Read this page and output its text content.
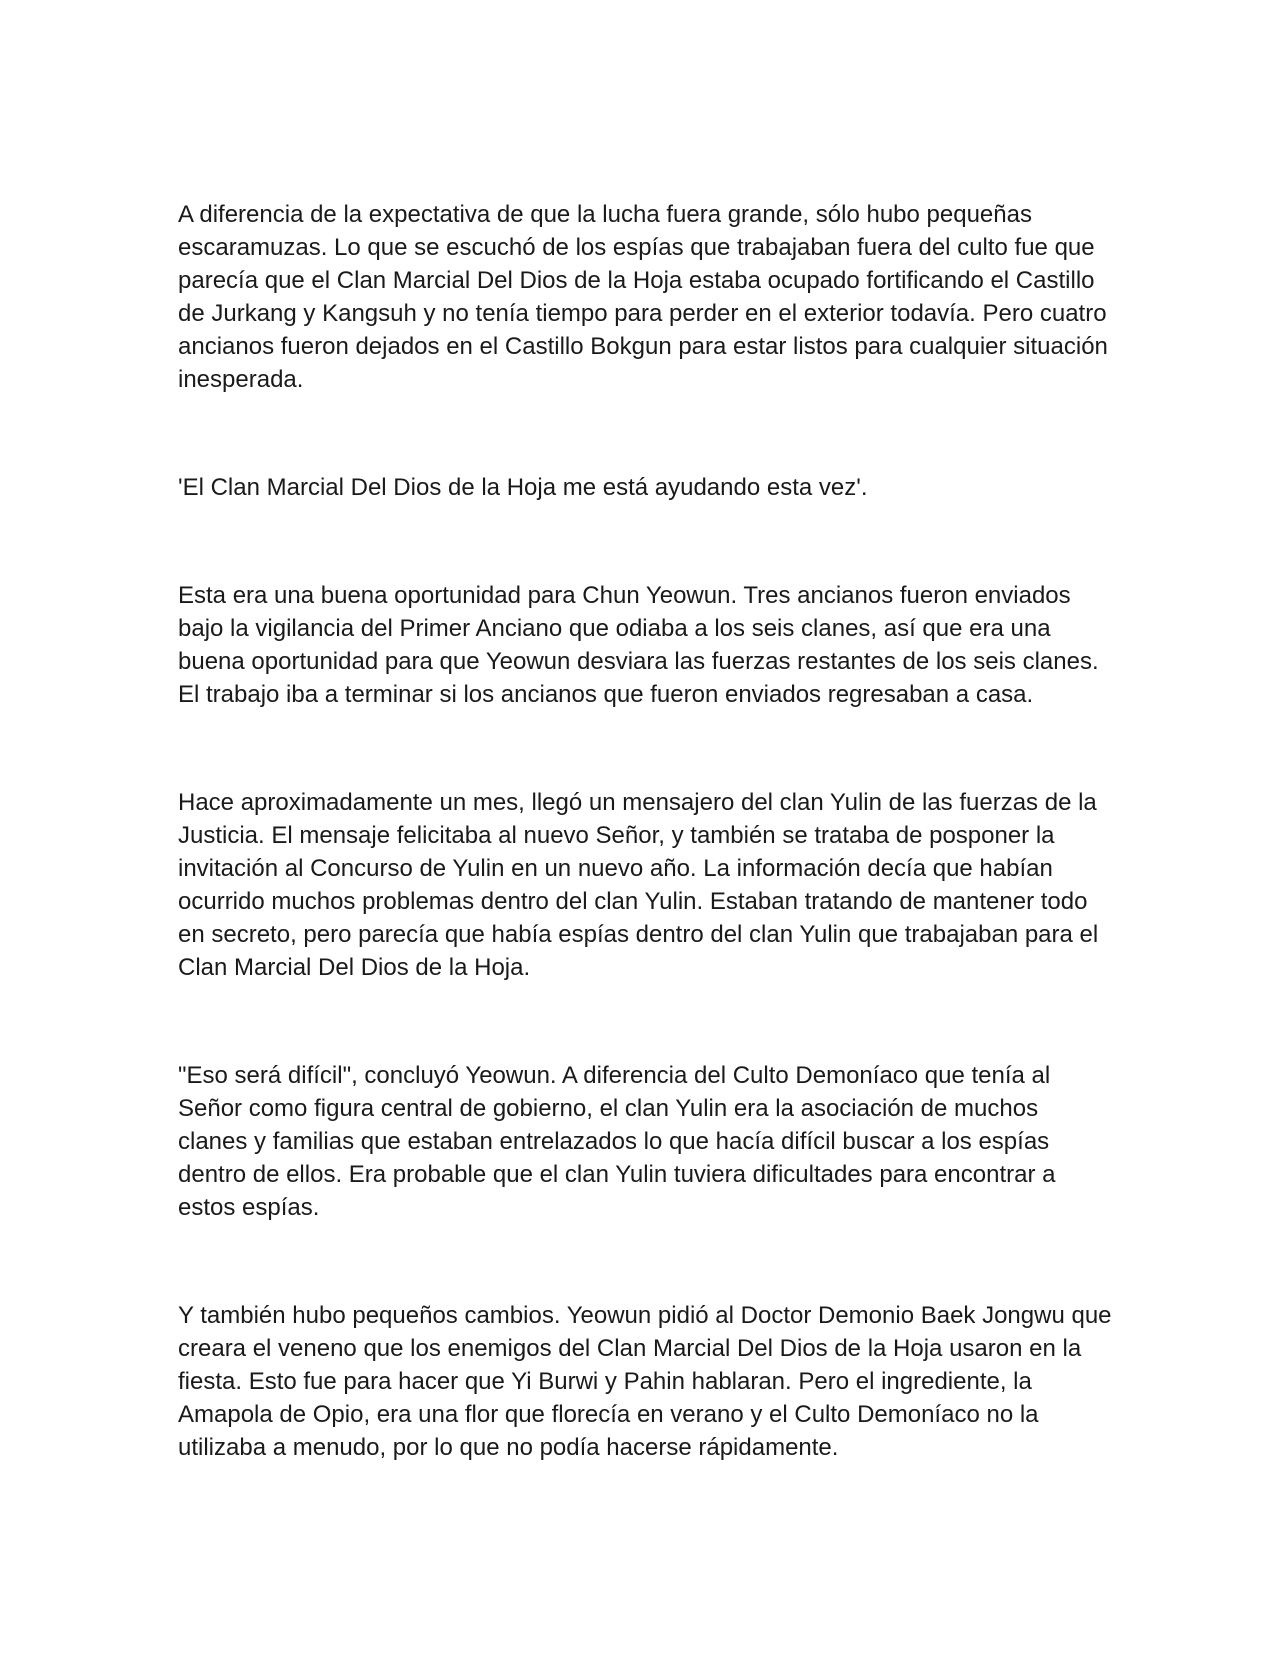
A diferencia de la expectativa de que la lucha fuera grande, sólo hubo pequeñas escaramuzas. Lo que se escuchó de los espías que trabajaban fuera del culto fue que parecía que el Clan Marcial Del Dios de la Hoja estaba ocupado fortificando el Castillo de Jurkang y Kangsuh y no tenía tiempo para perder en el exterior todavía. Pero cuatro ancianos fueron dejados en el Castillo Bokgun para estar listos para cualquier situación inesperada.

'El Clan Marcial Del Dios de la Hoja me está ayudando esta vez'.

Esta era una buena oportunidad para Chun Yeowun. Tres ancianos fueron enviados bajo la vigilancia del Primer Anciano que odiaba a los seis clanes, así que era una buena oportunidad para que Yeowun desviara las fuerzas restantes de los seis clanes. El trabajo iba a terminar si los ancianos que fueron enviados regresaban a casa.

Hace aproximadamente un mes, llegó un mensajero del clan Yulin de las fuerzas de la Justicia. El mensaje felicitaba al nuevo Señor, y también se trataba de posponer la invitación al Concurso de Yulin en un nuevo año. La información decía que habían ocurrido muchos problemas dentro del clan Yulin. Estaban tratando de mantener todo en secreto, pero parecía que había espías dentro del clan Yulin que trabajaban para el Clan Marcial Del Dios de la Hoja.

"Eso será difícil", concluyó Yeowun. A diferencia del Culto Demoníaco que tenía al Señor como figura central de gobierno, el clan Yulin era la asociación de muchos clanes y familias que estaban entrelazados lo que hacía difícil buscar a los espías dentro de ellos. Era probable que el clan Yulin tuviera dificultades para encontrar a estos espías.

Y también hubo pequeños cambios. Yeowun pidió al Doctor Demonio Baek Jongwu que creara el veneno que los enemigos del Clan Marcial Del Dios de la Hoja usaron en la fiesta. Esto fue para hacer que Yi Burwi y Pahin hablaran. Pero el ingrediente, la Amapola de Opio, era una flor que florecía en verano y el Culto Demoníaco no la utilizaba a menudo, por lo que no podía hacerse rápidamente.
